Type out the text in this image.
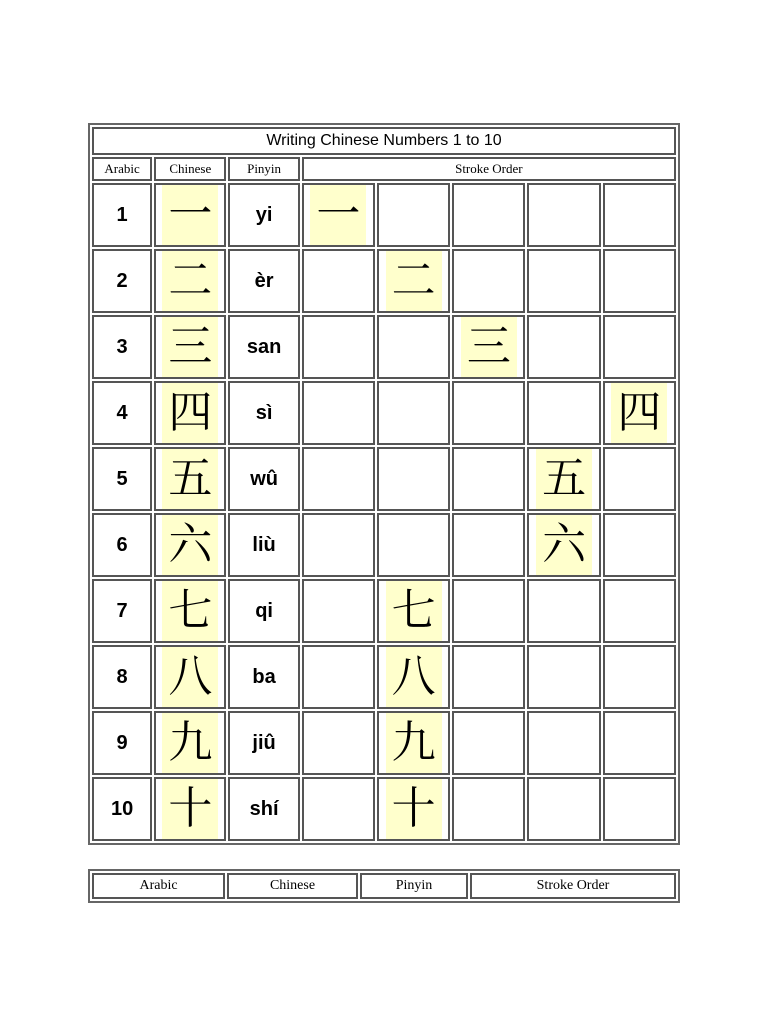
Writing Chinese Numbers 1 to 10							
Arabic	Chinese	Pinyin	Stroke Order				
1	一	yi	一				
2	二	èr		二			
3	三	san			三		
4	四	sì					四
5	五	wû				五	
6	六	liù				六	
7	七	qi		七			
8	八	ba		八			
9	九	jiû		九			
10	十	shí		十			
Arabic	Chinese	Pinyin	Stroke Order
